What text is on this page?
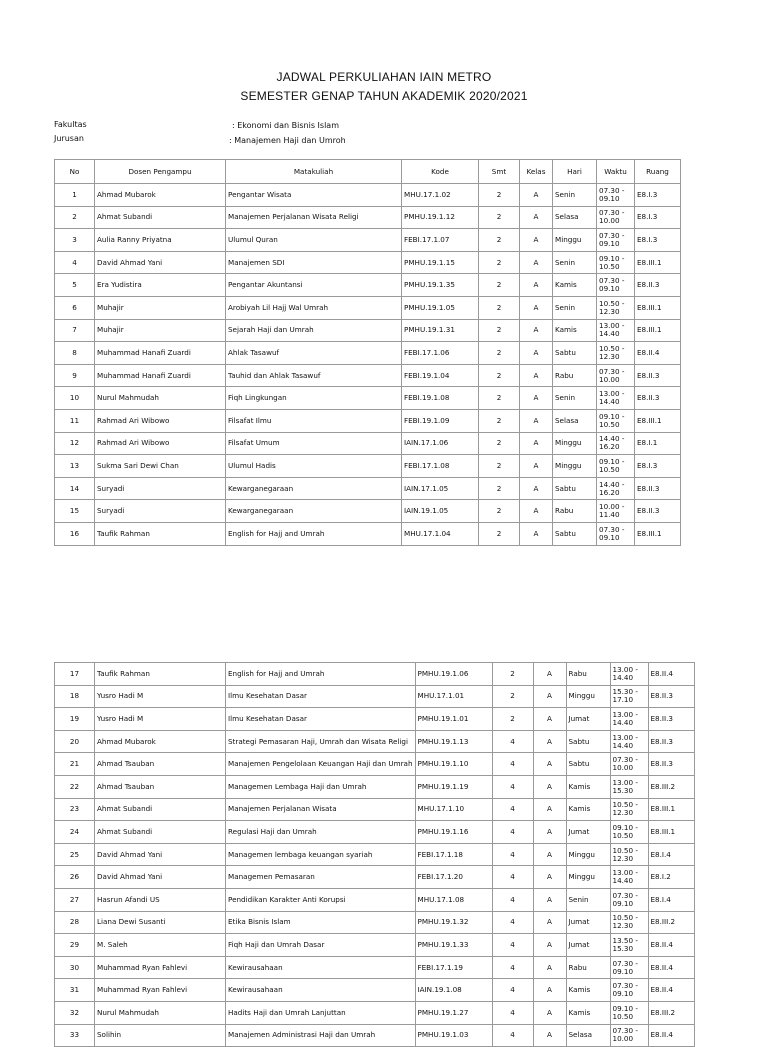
JADWAL PERKULIAHAN IAIN METRO
SEMESTER GENAP TAHUN AKADEMIK 2020/2021
Fakultas	: Ekonomi dan Bisnis Islam
Jurusan	: Manajemen Haji dan Umroh
No	Dosen Pengampu	Matakuliah	Kode	Smt	Kelas	Hari	Waktu	Ruang
1	Ahmad Mubarok	Pengantar Wisata	MHU.17.1.02	2	A	Senin	07.30 -
09.10	E8.I.3
2	Ahmat Subandi	Manajemen Perjalanan Wisata Religi	PMHU.19.1.12	2	A	Selasa	07.30 -
10.00	E8.I.3
3	Aulia Ranny Priyatna	Ulumul Quran	FEBI.17.1.07	2	A	Minggu	07.30 -
09.10	E8.I.3
4	David Ahmad Yani	Manajemen SDI	PMHU.19.1.15	2	A	Senin	09.10 -
10.50	E8.III.1
5	Era Yudistira	Pengantar Akuntansi	PMHU.19.1.35	2	A	Kamis	07.30 -
09.10	E8.II.3
6	Muhajir	Arobiyah Lil Hajj Wal Umrah	PMHU.19.1.05	2	A	Senin	10.50 -
12.30	E8.III.1
7	Muhajir	Sejarah Haji dan Umrah	PMHU.19.1.31	2	A	Kamis	13.00 -
14.40	E8.III.1
8	Muhammad Hanafi Zuardi	Ahlak Tasawuf	FEBI.17.1.06	2	A	Sabtu	10.50 -
12.30	E8.II.4
9	Muhammad Hanafi Zuardi	Tauhid dan Ahlak Tasawuf	FEBI.19.1.04	2	A	Rabu	07.30 -
10.00	E8.II.3
10	Nurul Mahmudah	Fiqh Lingkungan	FEBI.19.1.08	2	A	Senin	13.00 -
14.40	E8.II.3
11	Rahmad Ari Wibowo	Filsafat Ilmu	FEBI.19.1.09	2	A	Selasa	09.10 -
10.50	E8.III.1
12	Rahmad Ari Wibowo	Filsafat Umum	IAIN.17.1.06	2	A	Minggu	14.40 -
16.20	E8.I.1
13	Sukma Sari Dewi Chan	Ulumul Hadis	FEBI.17.1.08	2	A	Minggu	09.10 -
10.50	E8.I.3
14	Suryadi	Kewarganegaraan	IAIN.17.1.05	2	A	Sabtu	14.40 -
16.20	E8.II.3
15	Suryadi	Kewarganegaraan	IAIN.19.1.05	2	A	Rabu	10.00 -
11.40	E8.II.3
16	Taufik Rahman	English for Hajj and Umrah	MHU.17.1.04	2	A	Sabtu	07.30 -
09.10	E8.III.1
17	Taufik Rahman	English for Hajj and Umrah	PMHU.19.1.06	2	A	Rabu	13.00 -
14.40	E8.II.4
18	Yusro Hadi M	Ilmu Kesehatan Dasar	MHU.17.1.01	2	A	Minggu	15.30 -
17.10	E8.II.3
19	Yusro Hadi M	Ilmu Kesehatan Dasar	PMHU.19.1.01	2	A	Jumat	13.00 -
14.40	E8.II.3
20	Ahmad Mubarok	Strategi Pemasaran Haji, Umrah dan Wisata Religi	PMHU.19.1.13	4	A	Sabtu	13.00 -
14.40	E8.II.3
21	Ahmad Tsauban	Manajemen Pengelolaan Keuangan Haji dan Umrah	PMHU.19.1.10	4	A	Sabtu	07.30 -
10.00	E8.II.3
22	Ahmad Tsauban	Managemen Lembaga Haji dan Umrah	PMHU.19.1.19	4	A	Kamis	13.00 -
15.30	E8.III.2
23	Ahmat Subandi	Manajemen Perjalanan Wisata	MHU.17.1.10	4	A	Kamis	10.50 -
12.30	E8.III.1
24	Ahmat Subandi	Regulasi Haji dan Umrah	PMHU.19.1.16	4	A	Jumat	09.10 -
10.50	E8.III.1
25	David Ahmad Yani	Managemen lembaga keuangan syariah	FEBI.17.1.18	4	A	Minggu	10.50 -
12.30	E8.I.4
26	David Ahmad Yani	Managemen Pemasaran	FEBI.17.1.20	4	A	Minggu	13.00 -
14.40	E8.I.2
27	Hasrun Afandi US	Pendidikan Karakter Anti Korupsi	MHU.17.1.08	4	A	Senin	07.30 -
09.10	E8.I.4
28	Liana Dewi Susanti	Etika Bisnis Islam	PMHU.19.1.32	4	A	Jumat	10.50 -
12.30	E8.III.2
29	M. Saleh	Fiqh Haji dan Umrah Dasar	PMHU.19.1.33	4	A	Jumat	13.50 -
15.30	E8.II.4
30	Muhammad Ryan Fahlevi	Kewirausahaan	FEBI.17.1.19	4	A	Rabu	07.30 -
09.10	E8.II.4
31	Muhammad Ryan Fahlevi	Kewirausahaan	IAIN.19.1.08	4	A	Kamis	07.30 -
09.10	E8.II.4
32	Nurul Mahmudah	Hadits Haji dan Umrah Lanjuttan	PMHU.19.1.27	4	A	Kamis	09.10 -
10.50	E8.III.2
33	Solihin	Manajemen Administrasi Haji dan Umrah	PMHU.19.1.03	4	A	Selasa	07.30 -
10.00	E8.II.4
